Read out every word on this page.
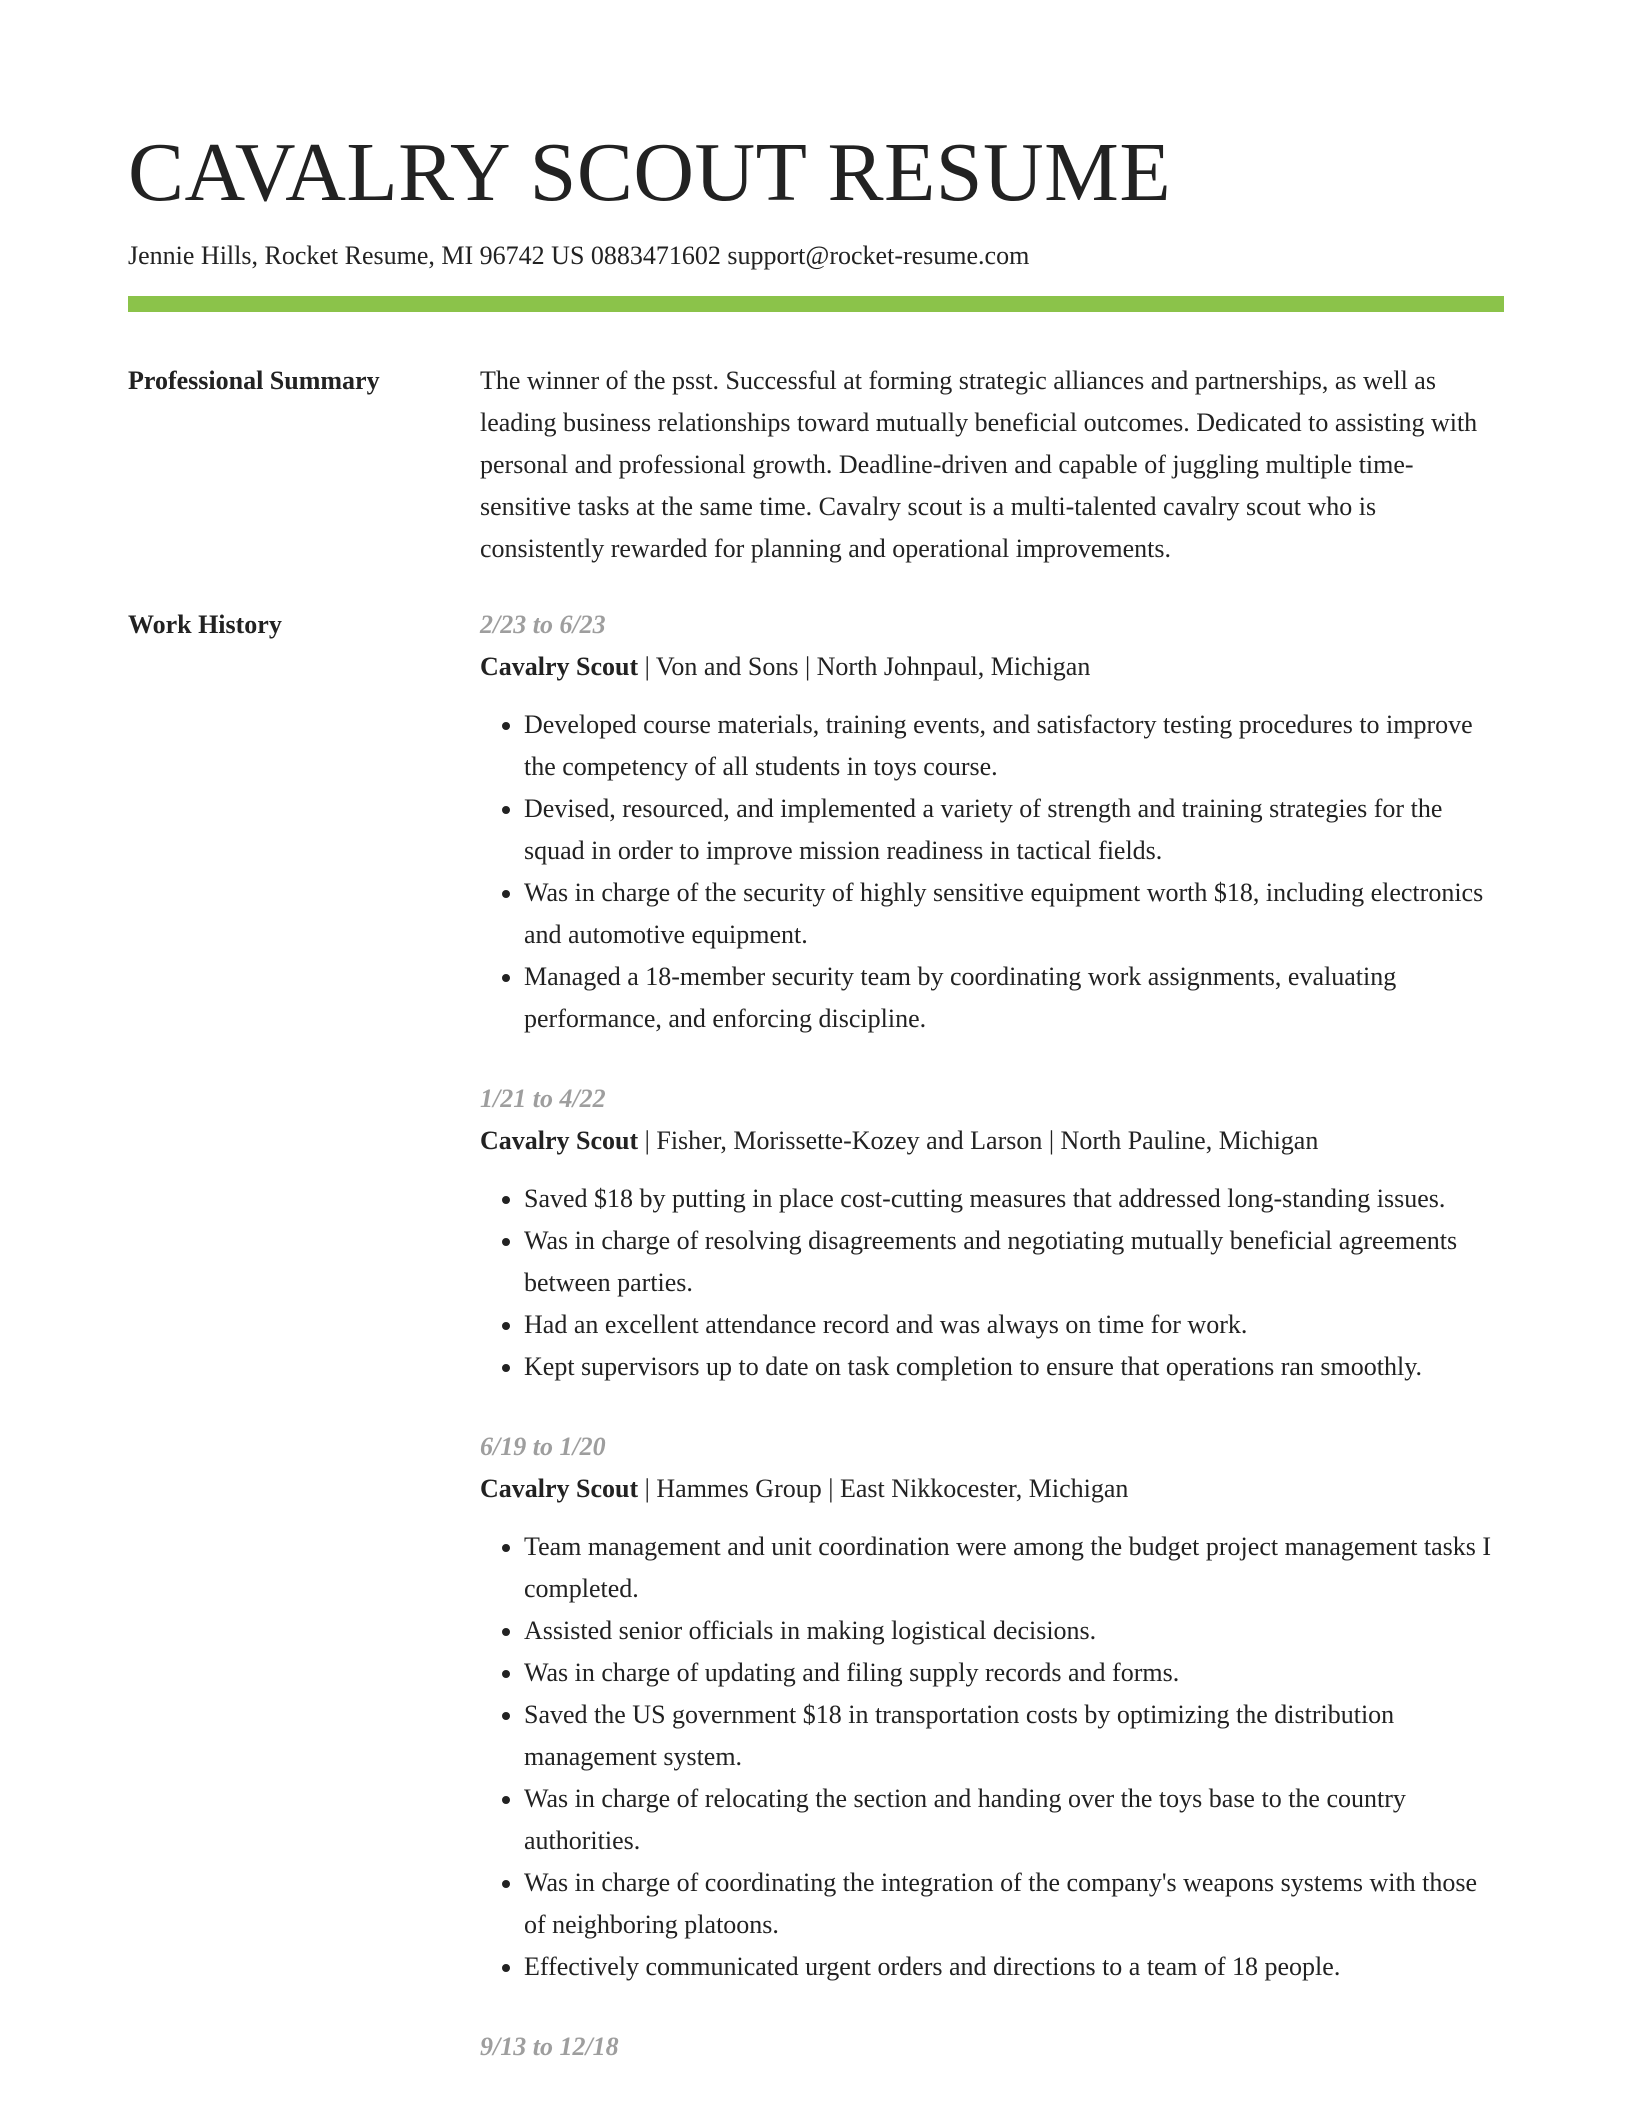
CAVALRY SCOUT RESUME
Jennie Hills, Rocket Resume, MI 96742 US 0883471602 support@rocket-resume.com
Professional Summary	The winner of the psst. Successful at forming strategic alliances and partnerships, as well as leading business relationships toward mutually beneficial outcomes. Dedicated to assisting with personal and professional growth. Deadline-driven and capable of juggling multiple time-sensitive tasks at the same time. Cavalry scout is a multi-talented cavalry scout who is consistently rewarded for planning and operational improvements.

Work History	2/23 to 6/23
Cavalry Scout | Von and Sons | North Johnpaul, Michigan
• Developed course materials, training events, and satisfactory testing procedures to improve the competency of all students in toys course.
• Devised, resourced, and implemented a variety of strength and training strategies for the squad in order to improve mission readiness in tactical fields.
• Was in charge of the security of highly sensitive equipment worth $18, including electronics and automotive equipment.
• Managed a 18-member security team by coordinating work assignments, evaluating performance, and enforcing discipline.
1/21 to 4/22
Cavalry Scout | Fisher, Morissette-Kozey and Larson | North Pauline, Michigan
• Saved $18 by putting in place cost-cutting measures that addressed long-standing issues.
• Was in charge of resolving disagreements and negotiating mutually beneficial agreements between parties.
• Had an excellent attendance record and was always on time for work.
• Kept supervisors up to date on task completion to ensure that operations ran smoothly.
6/19 to 1/20
Cavalry Scout | Hammes Group | East Nikkocester, Michigan
• Team management and unit coordination were among the budget project management tasks I completed.
• Assisted senior officials in making logistical decisions.
• Was in charge of updating and filing supply records and forms.
• Saved the US government $18 in transportation costs by optimizing the distribution management system.
• Was in charge of relocating the section and handing over the toys base to the country authorities.
• Was in charge of coordinating the integration of the company's weapons systems with those of neighboring platoons.
• Effectively communicated urgent orders and directions to a team of 18 people.
9/13 to 12/18
